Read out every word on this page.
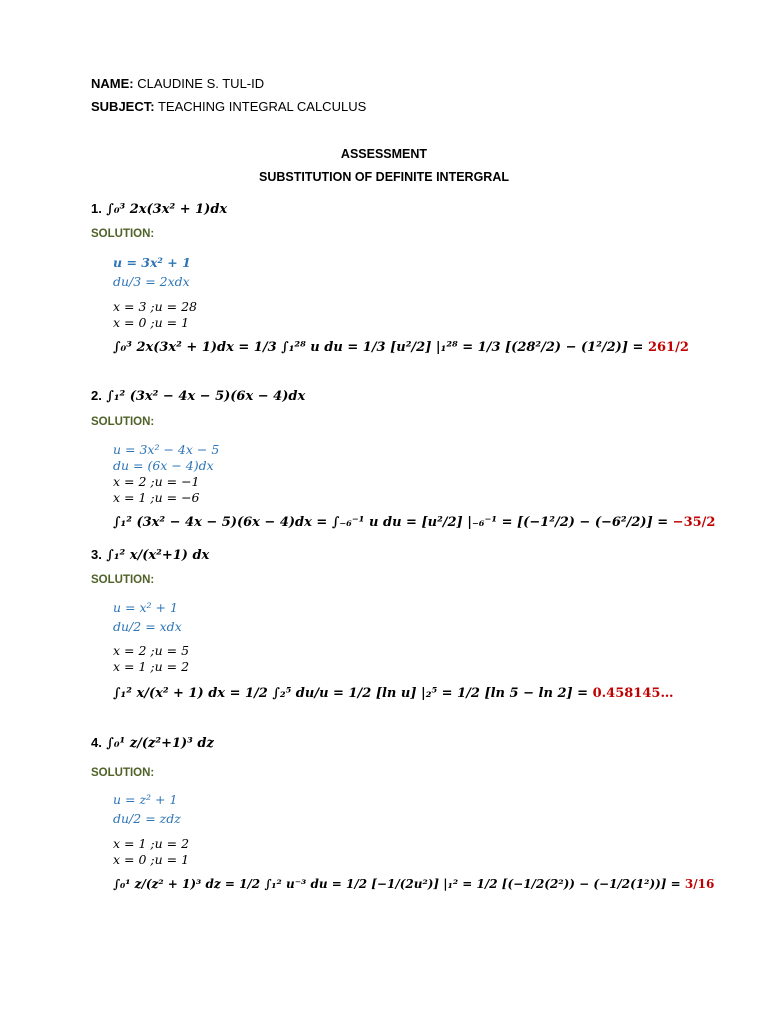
NAME: CLAUDINE S. TUL-ID
SUBJECT: TEACHING INTEGRAL CALCULUS
ASSESSMENT
SUBSTITUTION OF DEFINITE INTERGRAL
1. ∫₀³ 2x(3x² + 1)dx
SOLUTION:
u = 3x² + 1
du/3 = 2xdx
x = 3 ;u = 28
x = 0 ;u = 1
∫₀³ 2x(3x² + 1)dx = 1/3 ∫₁²⁸ u du = 1/3 [u²/2] |₁²⁸ = 1/3 [(28²/2) − (1²/2)] = 261/2
2. ∫₁² (3x² − 4x − 5)(6x − 4)dx
SOLUTION:
u = 3x² − 4x − 5
du = (6x − 4)dx
x = 2 ;u = −1
x = 1 ;u = −6
∫₁² (3x² − 4x − 5)(6x − 4)dx = ∫₋₆⁻¹ u du = [u²/2] |₋₆⁻¹ = [(−1²/2) − (−6²/2)] = −35/2
3. ∫₁² x/(x²+1) dx
SOLUTION:
u = x² + 1
du/2 = xdx
x = 2 ;u = 5
x = 1 ;u = 2
∫₁² x/(x² + 1) dx = 1/2 ∫₂⁵ du/u = 1/2 [ln u] |₂⁵ = 1/2 [ln 5 − ln 2] = 0.458145…
4. ∫₀¹ z/(z²+1)³ dz
SOLUTION:
u = z² + 1
du/2 = zdz
x = 1 ;u = 2
x = 0 ;u = 1
∫₀¹ z/(z² + 1)³ dz = 1/2 ∫₁² u⁻³ du = 1/2 [−1/(2u²)] |₁² = 1/2 [(−1/2(2²)) − (−1/2(1²))] = 3/16
